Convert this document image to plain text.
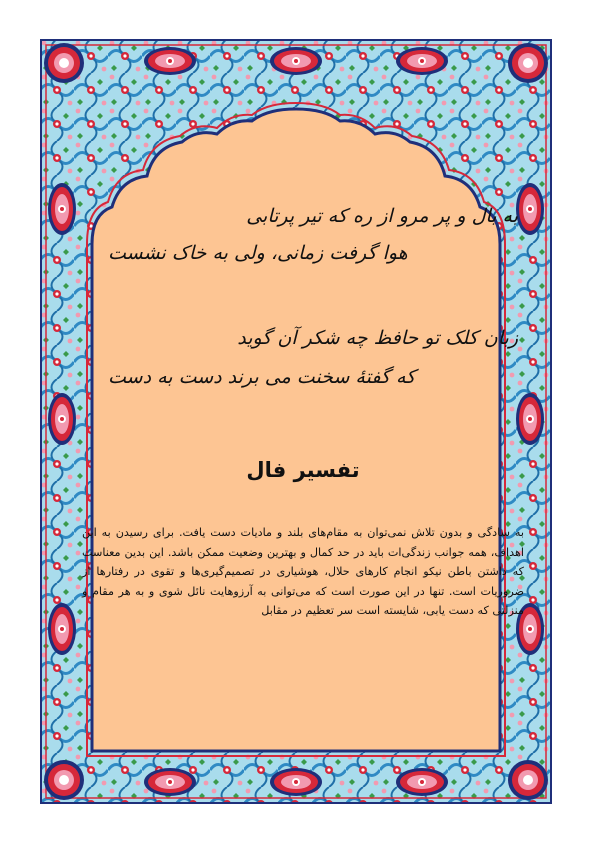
به بال و پر مرو از ره که تیر پرتابی
هوا گرفت زمانی، ولی به خاک نشست
زبان کلک تو حافظ چه شکر آن گوید
که گفتهٔ سخنت می برند دست به دست
تفسیر فال

به سادگی و بدون تلاش نمی‌توان به مقام‌های بلند و مادیات دست یافت. برای رسیدن به این اهداف، همه جوانب زندگی‌ات باید در حد کمال و بهترین وضعیت ممکن باشد. این بدین معناست که داشتن باطن نیکو انجام کارهای حلال، هوشیاری در تصمیم‌گیری‌ها و تقوی در رفتارها از ضروریات است. تنها در این صورت است که می‌توانی به آرزوهایت نائل شوی و به هر مقام و منزلتی که دست یابی، شایسته است سر تعظیم در مقابل
